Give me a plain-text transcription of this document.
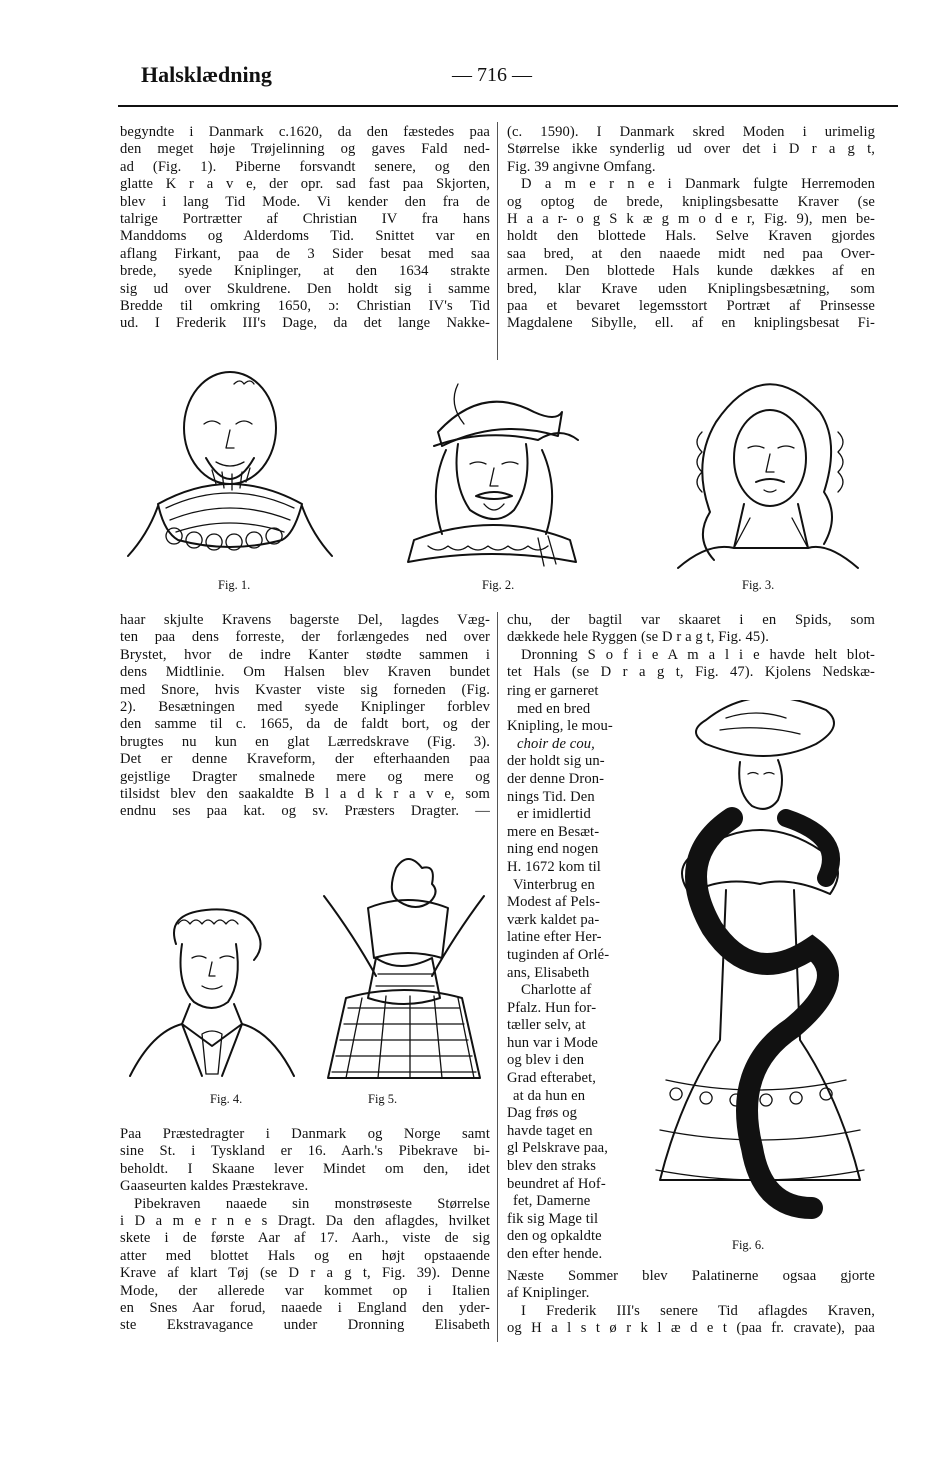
Halsklædning	— 716 —
begyndte i Danmark c.1620, da den fæstedes paa
den meget høje Trøjelinning og gaves Fald ned-
ad (Fig. 1). Piberne forsvandt senere, og den
glatte K r a v e, der opr. sad fast paa Skjorten,
blev i lang Tid Mode. Vi kender den fra de
talrige Portrætter af Christian IV fra hans
Manddoms og Alderdoms Tid. Snittet var en
aflang Firkant, paa de 3 Sider besat med saa
brede, syede Kniplinger, at den 1634 strakte
sig ud over Skuldrene. Den holdt sig i samme
Bredde til omkring 1650, ɔ: Christian IV's Tid
ud. I Frederik III's Dage, da det lange Nakke-
(c. 1590). I Danmark skred Moden i urimelig
Størrelse ikke synderlig ud over det i D r a g t,
Fig. 39 angivne Omfang.
D a m e r n e i Danmark fulgte Herremoden
og optog de brede, kniplingsbesatte Kraver (se
H a a r- o g S k æ g m o d e r, Fig. 9), men be-
holdt den blottede Hals. Selve Kraven gjordes
saa bred, at den naaede midt ned paa Over-
armen. Den blottede Hals kunde dækkes af en
bred, klar Krave uden Kniplingsbesætning, som
paa et bevaret legemsstort Portræt af Prinsesse
Magdalene Sibylle, ell. af en kniplingsbesat Fi-
Fig. 1.	Fig. 2.	Fig. 3.
haar skjulte Kravens bagerste Del, lagdes Væg-
ten paa dens forreste, der forlængedes ned over
Brystet, hvor de indre Kanter stødte sammen i
dens Midtlinie. Om Halsen blev Kraven bundet
med Snore, hvis Kvaster viste sig forneden (Fig.
2). Besætningen med syede Kniplinger forblev
den samme til c. 1665, da de faldt bort, og der
brugtes nu kun en glat Lærredskrave (Fig. 3).
Det er denne Kraveform, der efterhaanden paa
gejstlige Dragter smalnede mere og mere og
tilsidst blev den saakaldte B l a d k r a v e, som
endnu ses paa kat. og sv. Præsters Dragter. —
Fig. 4.	Fig 5.
chu, der bagtil var skaaret i en Spids, som
dækkede hele Ryggen (se D r a g t, Fig. 45).
Dronning S o f i e A m a l i e havde helt blot-
tet Hals (se D r a g t, Fig. 47). Kjolens Nedskæ-
ring er garneret
med en bred
Knipling, le mou-
choir de cou,
der holdt sig un-
der denne Dron-
nings Tid. Den
er imidlertid
mere en Besæt-
ning end nogen
H. 1672 kom til
Vinterbrug en
Modest af Pels-
værk kaldet pa-
latine efter Her-
tuginden af Orlé-
ans, Elisabeth
Charlotte af
Pfalz. Hun for-
tæller selv, at
hun var i Mode
og blev i den
Grad efterabet,
at da hun en
Dag frøs og
havde taget en
gl Pelskrave paa,
blev den straks
beundret af Hof-
fet, Damerne
fik sig Mage til
den og opkaldte
den efter hende.
Fig. 6.
Paa Præstedragter i Danmark og Norge samt
sine St. i Tyskland er 16. Aarh.'s Pibekrave bi-
beholdt. I Skaane lever Mindet om den, idet
Gaaseurten kaldes Præstekrave.
Pibekraven naaede sin monstrøseste Størrelse
i D a m e r n e s Dragt. Da den aflagdes, hvilket
skete i de første Aar af 17. Aarh., viste de sig
atter med blottet Hals og en højt opstaaende
Krave af klart Tøj (se D r a g t, Fig. 39). Denne
Mode, der allerede var kommet op i Italien
en Snes Aar forud, naaede i England den yder-
ste Ekstravagance under Dronning Elisabeth
Næste Sommer blev Palatinerne ogsaa gjorte
af Kniplinger.
I Frederik III's senere Tid aflagdes Kraven,
og H a l s t ø r k l æ d e t (paa fr. cravate), paa
